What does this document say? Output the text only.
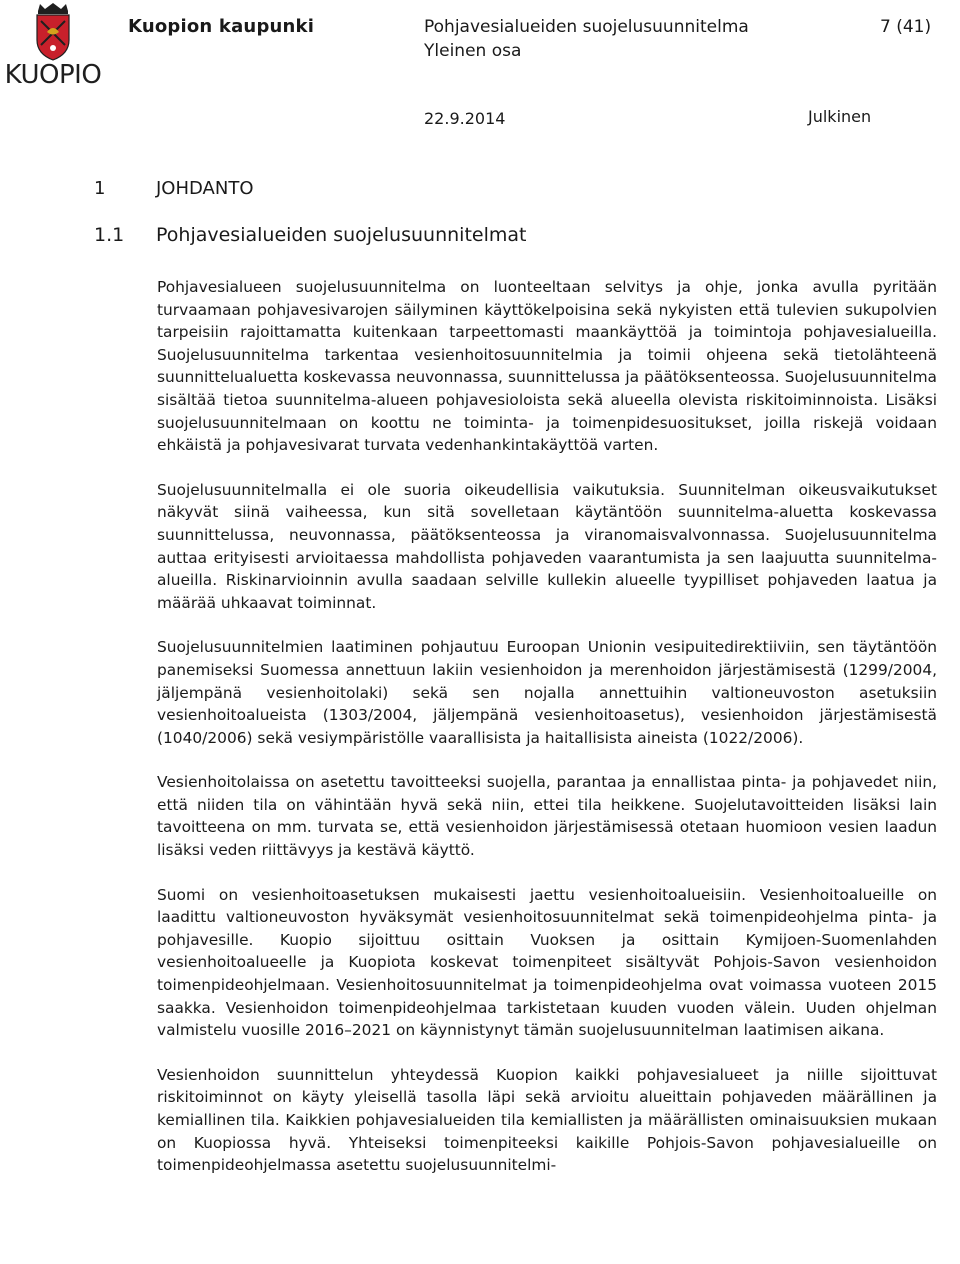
KUOPIO
Kuopion kaupunki	Pohjavesialueiden suojelusuunnitelma
Yleinen osa
7 (41)
22.9.2014	Julkinen
1	JOHDANTO
1.1 Pohjavesialueiden suojelusuunnitelmat

Pohjavesialueen suojelusuunnitelma on luonteeltaan selvitys ja ohje, jonka avulla pyritään turvaamaan pohjavesivarojen säilyminen käyttökelpoisina sekä nykyisten että tulevien sukupolvien tarpeisiin rajoittamatta kuitenkaan tarpeettomasti maankäyttöä ja toimintoja pohjavesialueilla. Suojelusuunnitelma tarkentaa vesienhoitosuunnitelmia ja toimii ohjeena sekä tietolähteenä suunnittelualuetta koskevassa neuvonnassa, suunnittelussa ja päätöksenteossa. Suojelusuunnitelma sisältää tietoa suunnitelma-alueen pohjavesioloista sekä alueella olevista riskitoiminnoista. Lisäksi suojelusuunnitelmaan on koottu ne toiminta- ja toimenpidesuositukset, joilla riskejä voidaan ehkäistä ja pohjavesivarat turvata vedenhankintakäyttöä varten.

Suojelusuunnitelmalla ei ole suoria oikeudellisia vaikutuksia. Suunnitelman oikeusvaikutukset näkyvät siinä vaiheessa, kun sitä sovelletaan käytäntöön suunnitelma-aluetta koskevassa suunnittelussa, neuvonnassa, päätöksenteossa ja viranomaisvalvonnassa. Suojelusuunnitelma auttaa erityisesti arvioitaessa mahdollista pohjaveden vaarantumista ja sen laajuutta suunnitelma-alueilla. Riskinarvioinnin avulla saadaan selville kullekin alueelle tyypilliset pohjaveden laatua ja määrää uhkaavat toiminnat.

Suojelusuunnitelmien laatiminen pohjautuu Euroopan Unionin vesipuitedirektiiviin, sen täytäntöön panemiseksi Suomessa annettuun lakiin vesienhoidon ja merenhoidon järjestämisestä (1299/2004, jäljempänä vesienhoitolaki) sekä sen nojalla annettuihin valtioneuvoston asetuksiin vesienhoitoalueista (1303/2004, jäljempänä vesienhoitoasetus), vesienhoidon järjestämisestä (1040/2006) sekä vesiympäristölle vaarallisista ja haitallisista aineista (1022/2006).

Vesienhoitolaissa on asetettu tavoitteeksi suojella, parantaa ja ennallistaa pinta- ja pohjavedet niin, että niiden tila on vähintään hyvä sekä niin, ettei tila heikkene. Suojelutavoitteiden lisäksi lain tavoitteena on mm. turvata se, että vesienhoidon järjestämisessä otetaan huomioon vesien laadun lisäksi veden riittävyys ja kestävä käyttö.

Suomi on vesienhoitoasetuksen mukaisesti jaettu vesienhoitoalueisiin. Vesienhoitoalueille on laadittu valtioneuvoston hyväksymät vesienhoitosuunnitelmat sekä toimenpideohjelma pinta- ja pohjavesille. Kuopio sijoittuu osittain Vuoksen ja osittain Kymijoen-Suomenlahden vesienhoitoalueelle ja Kuopiota koskevat toimenpiteet sisältyvät Pohjois-Savon vesienhoidon toimenpideohjelmaan. Vesienhoitosuunnitelmat ja toimenpideohjelma ovat voimassa vuoteen 2015 saakka. Vesienhoidon toimenpideohjelmaa tarkistetaan kuuden vuoden välein. Uuden ohjelman valmistelu vuosille 2016–2021 on käynnistynyt tämän suojelusuunnitelman laatimisen aikana.

Vesienhoidon suunnittelun yhteydessä Kuopion kaikki pohjavesialueet ja niille sijoittuvat riskitoiminnot on käyty yleisellä tasolla läpi sekä arvioitu alueittain pohjaveden määrällinen ja kemiallinen tila. Kaikkien pohjavesialueiden tila kemiallisten ja määrällisten ominaisuuksien mukaan on Kuopiossa hyvä. Yhteiseksi toimenpiteeksi kaikille Pohjois-Savon pohjavesialueille on toimenpideohjelmassa asetettu suojelusuunnitelmi-
